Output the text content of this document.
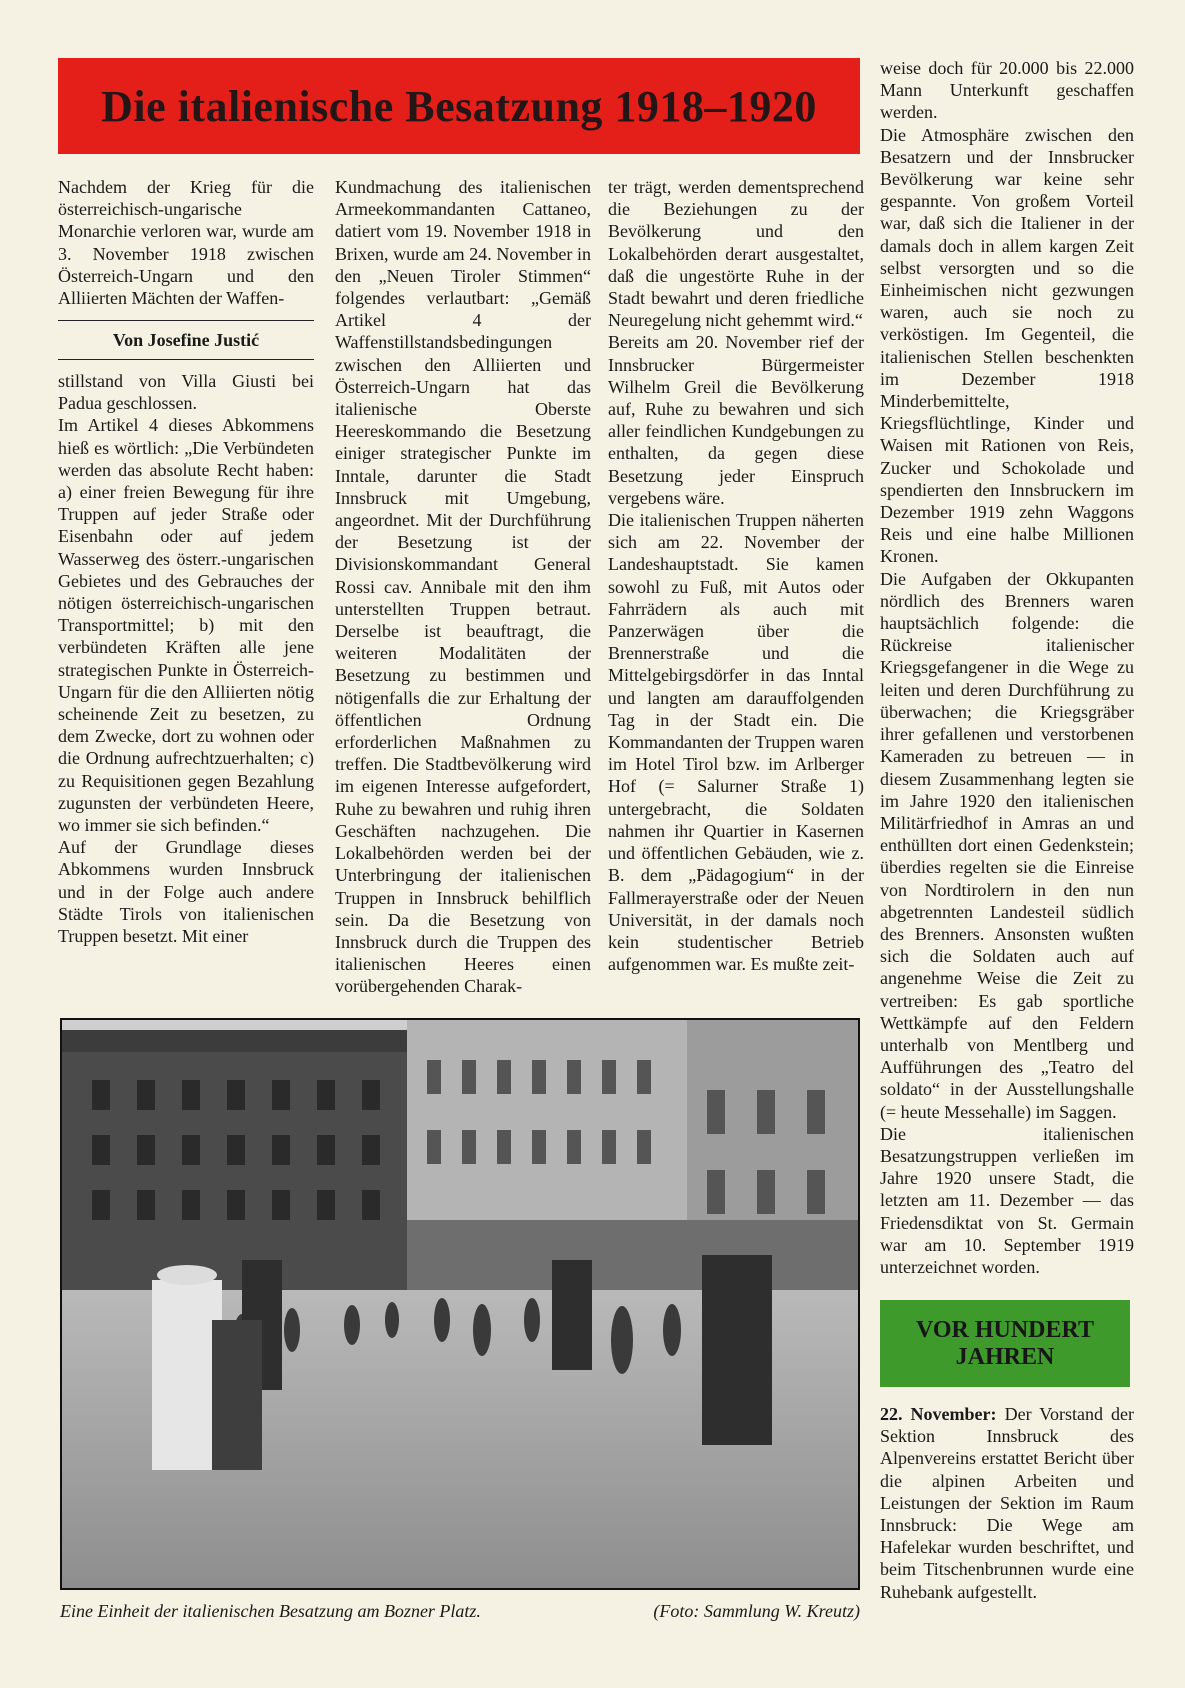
Die italienische Besatzung 1918–1920

Nachdem der Krieg für die österreichisch-ungarische Monarchie verloren war, wurde am 3. November 1918 zwischen Österreich-Ungarn und den Alliierten Mächten der Waffen-

Von Josefine Justić

stillstand von Villa Giusti bei Padua geschlossen.

Im Artikel 4 dieses Abkommens hieß es wörtlich: „Die Verbündeten werden das absolute Recht haben: a) einer freien Bewegung für ihre Truppen auf jeder Straße oder Eisenbahn oder auf jedem Wasserweg des österr.-ungarischen Gebietes und des Gebrauches der nötigen österreichisch-ungarischen Transportmittel; b) mit den verbündeten Kräften alle jene strategischen Punkte in Österreich-Ungarn für die den Alliierten nötig scheinende Zeit zu besetzen, zu dem Zwecke, dort zu wohnen oder die Ordnung aufrechtzuerhalten; c) zu Requisitionen gegen Bezahlung zugunsten der verbündeten Heere, wo immer sie sich befinden.“

Auf der Grundlage dieses Abkommens wurden Innsbruck und in der Folge auch andere Städte Tirols von italienischen Truppen besetzt. Mit einer

Kundmachung des italienischen Armeekommandanten Cattaneo, datiert vom 19. November 1918 in Brixen, wurde am 24. November in den „Neuen Tiroler Stimmen“ folgendes verlautbart: „Gemäß Artikel 4 der Waffenstillstandsbedingungen zwischen den Alliierten und Österreich-Ungarn hat das italienische Oberste Heereskommando die Besetzung einiger strategischer Punkte im Inntale, darunter die Stadt Innsbruck mit Umgebung, angeordnet. Mit der Durchführung der Besetzung ist der Divisionskommandant General Rossi cav. Annibale mit den ihm unterstellten Truppen betraut. Derselbe ist beauftragt, die weiteren Modalitäten der Besetzung zu bestimmen und nötigenfalls die zur Erhaltung der öffentlichen Ordnung erforderlichen Maßnahmen zu treffen. Die Stadtbevölkerung wird im eigenen Interesse aufgefordert, Ruhe zu bewahren und ruhig ihren Geschäften nachzugehen. Die Lokalbehörden werden bei der Unterbringung der italienischen Truppen in Innsbruck behilflich sein. Da die Besetzung von Innsbruck durch die Truppen des italienischen Heeres einen vorübergehenden Charak-

ter trägt, werden dementsprechend die Beziehungen zu der Bevölkerung und den Lokalbehörden derart ausgestaltet, daß die ungestörte Ruhe in der Stadt bewahrt und deren friedliche Neuregelung nicht gehemmt wird.“

Bereits am 20. November rief der Innsbrucker Bürgermeister Wilhelm Greil die Bevölkerung auf, Ruhe zu bewahren und sich aller feindlichen Kundgebungen zu enthalten, da gegen diese Besetzung jeder Einspruch vergebens wäre.

Die italienischen Truppen näherten sich am 22. November der Landeshauptstadt. Sie kamen sowohl zu Fuß, mit Autos oder Fahrrädern als auch mit Panzerwägen über die Brennerstraße und die Mittelgebirgsdörfer in das Inntal und langten am darauffolgenden Tag in der Stadt ein. Die Kommandanten der Truppen waren im Hotel Tirol bzw. im Arlberger Hof (= Salurner Straße 1) untergebracht, die Soldaten nahmen ihr Quartier in Kasernen und öffentlichen Gebäuden, wie z. B. dem „Pädagogium“ in der Fallmerayerstraße oder der Neuen Universität, in der damals noch kein studentischer Betrieb aufgenommen war. Es mußte zeit-

weise doch für 20.000 bis 22.000 Mann Unterkunft geschaffen werden.

Die Atmosphäre zwischen den Besatzern und der Innsbrucker Bevölkerung war keine sehr gespannte. Von großem Vorteil war, daß sich die Italiener in der damals doch in allem kargen Zeit selbst versorgten und so die Einheimischen nicht gezwungen waren, auch sie noch zu verköstigen. Im Gegenteil, die italienischen Stellen beschenkten im Dezember 1918 Minderbemittelte, Kriegsflüchtlinge, Kinder und Waisen mit Rationen von Reis, Zucker und Schokolade und spendierten den Innsbruckern im Dezember 1919 zehn Waggons Reis und eine halbe Millionen Kronen.

Die Aufgaben der Okkupanten nördlich des Brenners waren hauptsächlich folgende: die Rückreise italienischer Kriegsgefangener in die Wege zu leiten und deren Durchführung zu überwachen; die Kriegsgräber ihrer gefallenen und verstorbenen Kameraden zu betreuen — in diesem Zusammenhang legten sie im Jahre 1920 den italienischen Militärfriedhof in Amras an und enthüllten dort einen Gedenkstein; überdies regelten sie die Einreise von Nordtirolern in den nun abgetrennten Landesteil südlich des Brenners. Ansonsten wußten sich die Soldaten auch auf angenehme Weise die Zeit zu vertreiben: Es gab sportliche Wettkämpfe auf den Feldern unterhalb von Mentlberg und Aufführungen des „Teatro del soldato“ in der Ausstellungshalle (= heute Messehalle) im Saggen.

Die italienischen Besatzungstruppen verließen im Jahre 1920 unsere Stadt, die letzten am 11. Dezember — das Friedensdiktat von St. Germain war am 10. September 1919 unterzeichnet worden.

Eine Einheit der italienischen Besatzung am Bozner Platz.	(Foto: Sammlung W. Kreutz)
VOR HUNDERT
JAHREN

22. November: Der Vorstand der Sektion Innsbruck des Alpenvereins erstattet Bericht über die alpinen Arbeiten und Leistungen der Sektion im Raum Innsbruck: Die Wege am Hafelekar wurden beschriftet, und beim Titschenbrunnen wurde eine Ruhebank aufgestellt.
